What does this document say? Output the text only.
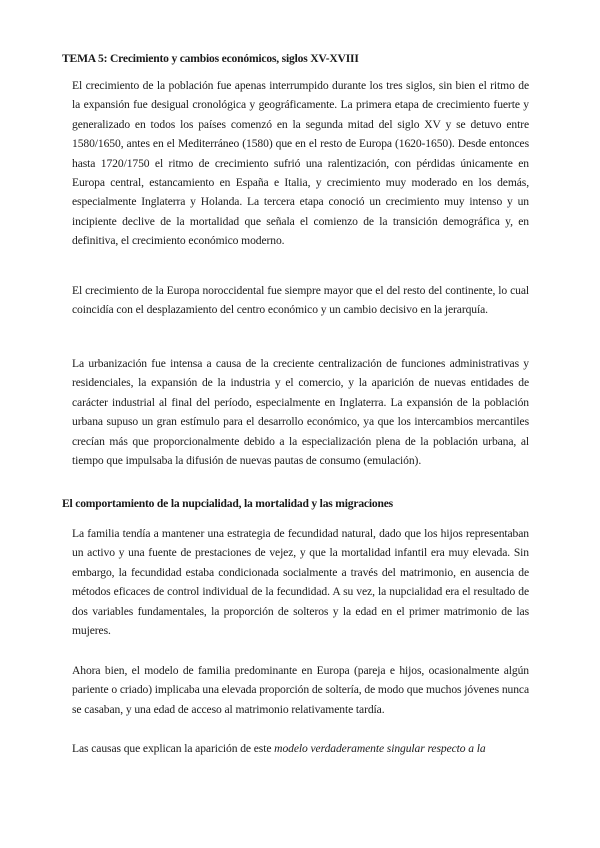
TEMA 5: Crecimiento y cambios económicos, siglos XV-XVIII
El crecimiento de la población fue apenas interrumpido durante los tres siglos, sin bien el ritmo de la expansión fue desigual cronológica y geográficamente. La primera etapa de crecimiento fuerte y generalizado en todos los países comenzó en la segunda mitad del siglo XV y se detuvo entre 1580/1650, antes en el Mediterráneo (1580) que en el resto de Europa (1620-1650). Desde entonces hasta 1720/1750 el ritmo de crecimiento sufrió una ralentización, con pérdidas únicamente en Europa central, estancamiento en España e Italia, y crecimiento muy moderado en los demás, especialmente Inglaterra y Holanda. La tercera etapa conoció un crecimiento muy intenso y un incipiente declive de la mortalidad que señala el comienzo de la transición demográfica y, en definitiva, el crecimiento económico moderno.
El crecimiento de la Europa noroccidental fue siempre mayor que el del resto del continente, lo cual coincidía con el desplazamiento del centro económico y un cambio decisivo en la jerarquía.
La urbanización fue intensa a causa de la creciente centralización de funciones administrativas y residenciales, la expansión de la industria y el comercio, y la aparición de nuevas entidades de carácter industrial al final del período, especialmente en Inglaterra. La expansión de la población urbana supuso un gran estímulo para el desarrollo económico, ya que los intercambios mercantiles crecían más que proporcionalmente debido a la especialización plena de la población urbana, al tiempo que impulsaba la difusión de nuevas pautas de consumo (emulación).
El comportamiento de la nupcialidad, la mortalidad y las migraciones
La familia tendía a mantener una estrategia de fecundidad natural, dado que los hijos representaban un activo y una fuente de prestaciones de vejez, y que la mortalidad infantil era muy elevada. Sin embargo, la fecundidad estaba condicionada socialmente a través del matrimonio, en ausencia de métodos eficaces de control individual de la fecundidad. A su vez, la nupcialidad era el resultado de dos variables fundamentales, la proporción de solteros y la edad en el primer matrimonio de las mujeres.
Ahora bien, el modelo de familia predominante en Europa (pareja e hijos, ocasionalmente algún pariente o criado) implicaba una elevada proporción de soltería, de modo que muchos jóvenes nunca se casaban, y una edad de acceso al matrimonio relativamente tardía.
Las causas que explican la aparición de este modelo verdaderamente singular respecto a la
